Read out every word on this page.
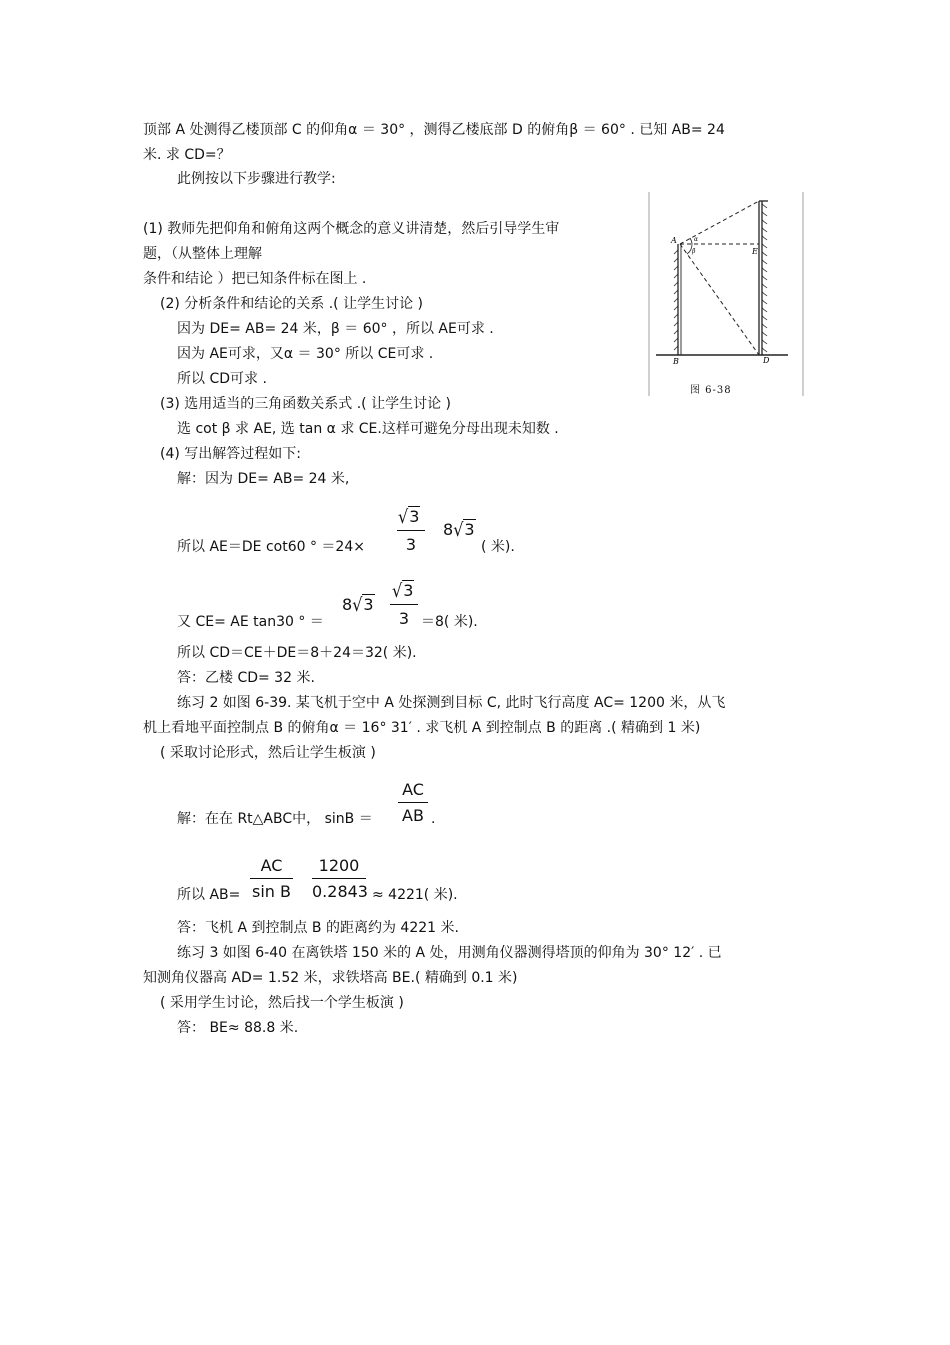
顶部 A 处测得乙楼顶部 C 的仰角α ＝ 30° ，测得乙楼底部 D 的俯角β ＝ 60° . 已知 AB= 24
米. 求 CD=？
此例按以下步骤进行教学:
(1) 教师先把仰角和俯角这两个概念的意义讲清楚，然后引导学生审
题，（从整体上理解
条件和结论 ）把已知条件标在图上 .
(2) 分析条件和结论的关系 .( 让学生讨论 )
因为 DE= AB= 24 米，β ＝ 60° ，所以 AE可求 .
因为 AE可求，又α ＝ 30° 所以 CE可求 .
所以 CD可求 .
(3) 选用适当的三角函数关系式 .( 让学生讨论 )
选 cot β 求 AE, 选 tan α 求 CE.这样可避免分母出现未知数 .
(4) 写出解答过程如下:
解：因为 DE= AB= 24 米,
所以 AE＝DE cot60 ° ＝24×
√3
3
8√3
( 米).
又 CE= AE tan30 ° ＝
8√3
√3
3 ＝8( 米).
所以 CD＝CE＋DE＝8＋24＝32( 米).
答：乙楼 CD= 32 米.
练习 2 如图 6-39. 某飞机于空中 A 处探测到目标 C, 此时飞行高度 AC= 1200 米，从飞
机上看地平面控制点 B 的俯角α ＝ 16° 31′ . 求飞机 A 到控制点 B 的距离 .( 精确到 1 米)
( 采取讨论形式，然后让学生板演 )
解：在在 Rt△ABC中， sinB ＝
AC
AB .
所以 AB=
AC
sin B
1200
0.2843 ≈ 4221( 米).
答：飞机 A 到控制点 B 的距离约为 4221 米.
练习 3 如图 6-40 在离铁塔 150 米的 A 处，用测角仪器测得塔顶的仰角为 30° 12′ . 已
知测角仪器高 AD= 1.52 米，求铁塔高 BE.( 精确到 0.1 米)
( 采用学生讨论，然后找一个学生板演 )
答： BE≈ 88.8 米.
A	α
β	E
B	D
图 6-38
